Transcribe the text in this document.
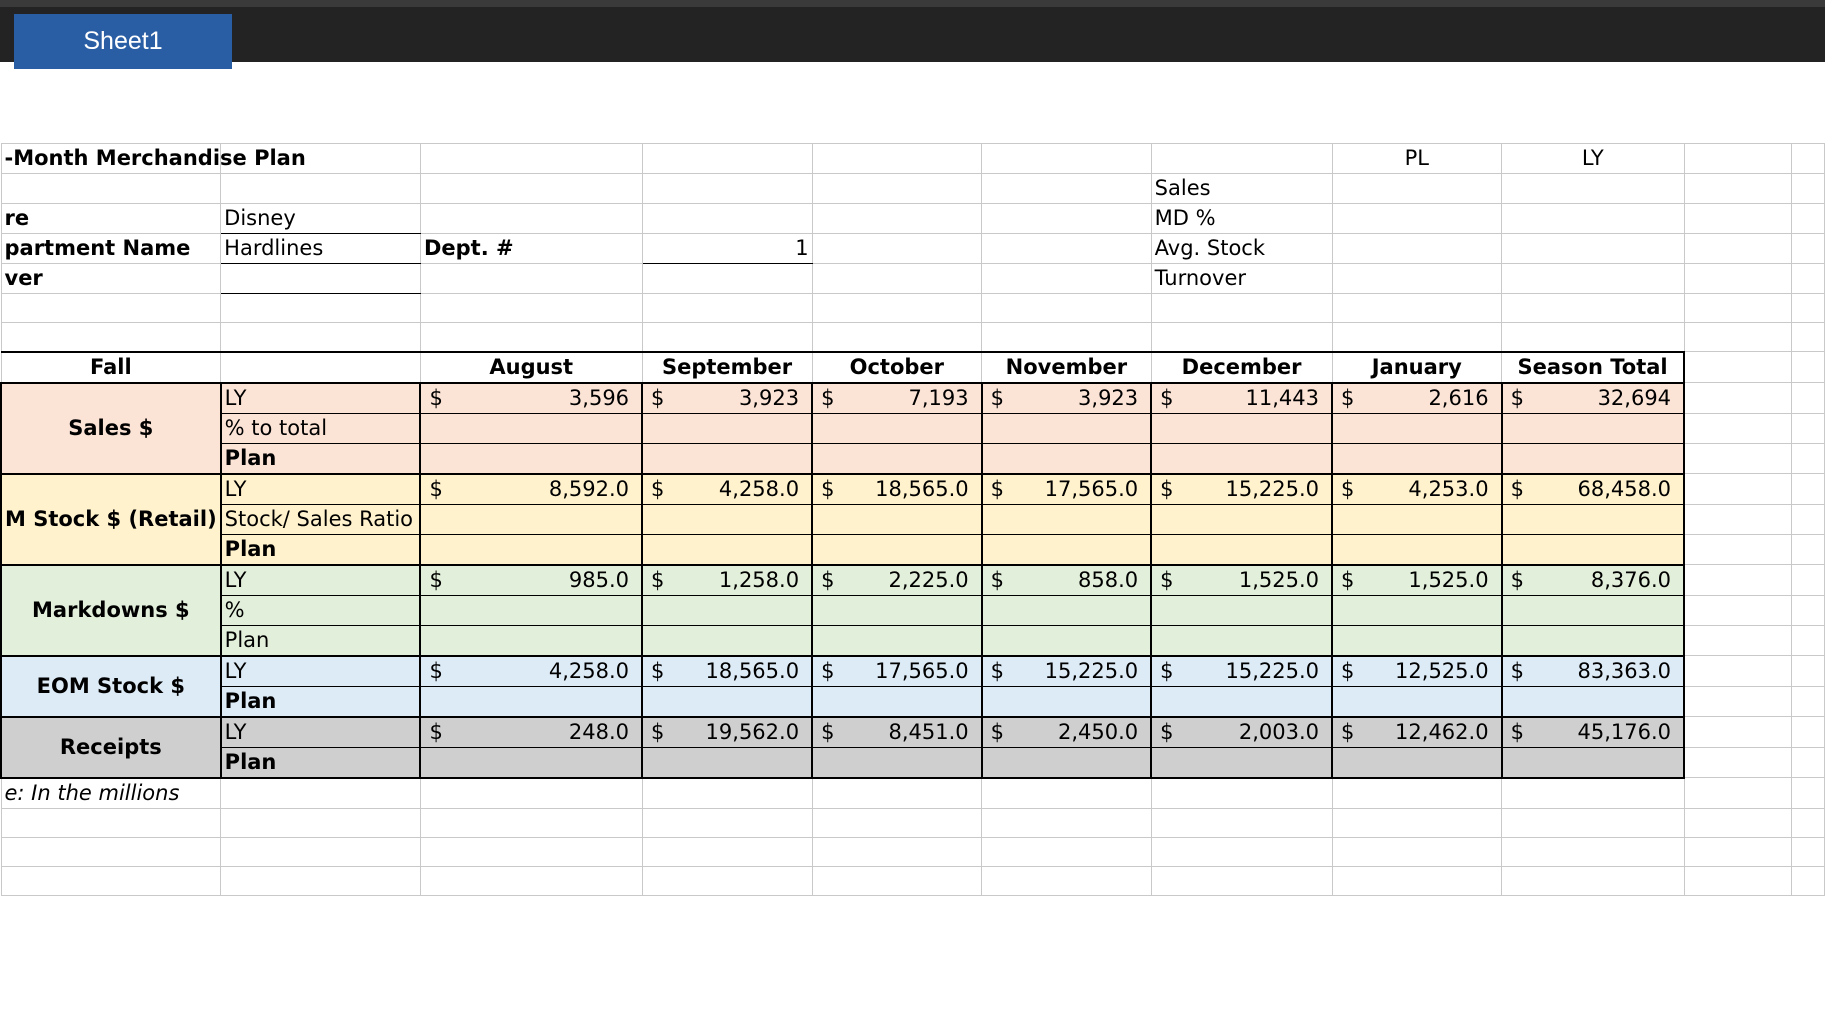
Sheet1
-Month Merchandise Plan							PL	LY		
						Sales				
re	Disney					MD %				
partment Name	Hardlines	Dept. #	1			Avg. Stock				
ver						Turnover				

Fall		August	September	October	November	December	January	Season Total		
Sales $	LY	$ 3,596	$ 3,923	$ 7,193	$ 3,923	$ 11,443	$ 2,616	$ 32,694		

	% to total									
	Plan									
M Stock $ (Retail)	LY	$ 8,592.0	$ 4,258.0	$ 18,565.0	$ 17,565.0	$ 15,225.0	$ 4,253.0	$ 68,458.0		

	Stock/ Sales Ratio									
	Plan									
Markdowns $	LY	$ 985.0	$ 1,258.0	$ 2,225.0	$ 858.0	$ 1,525.0	$ 1,525.0	$ 8,376.0		

	%									
	Plan									
EOM Stock $	LY	$ 4,258.0	$ 18,565.0	$ 17,565.0	$ 15,225.0	$ 15,225.0	$ 12,525.0	$ 83,363.0		

	Plan									
Receipts	LY	$ 248.0	$ 19,562.0	$ 8,451.0	$ 2,450.0	$ 2,003.0	$ 12,462.0	$ 45,176.0		

	Plan									

e: In the millions										
